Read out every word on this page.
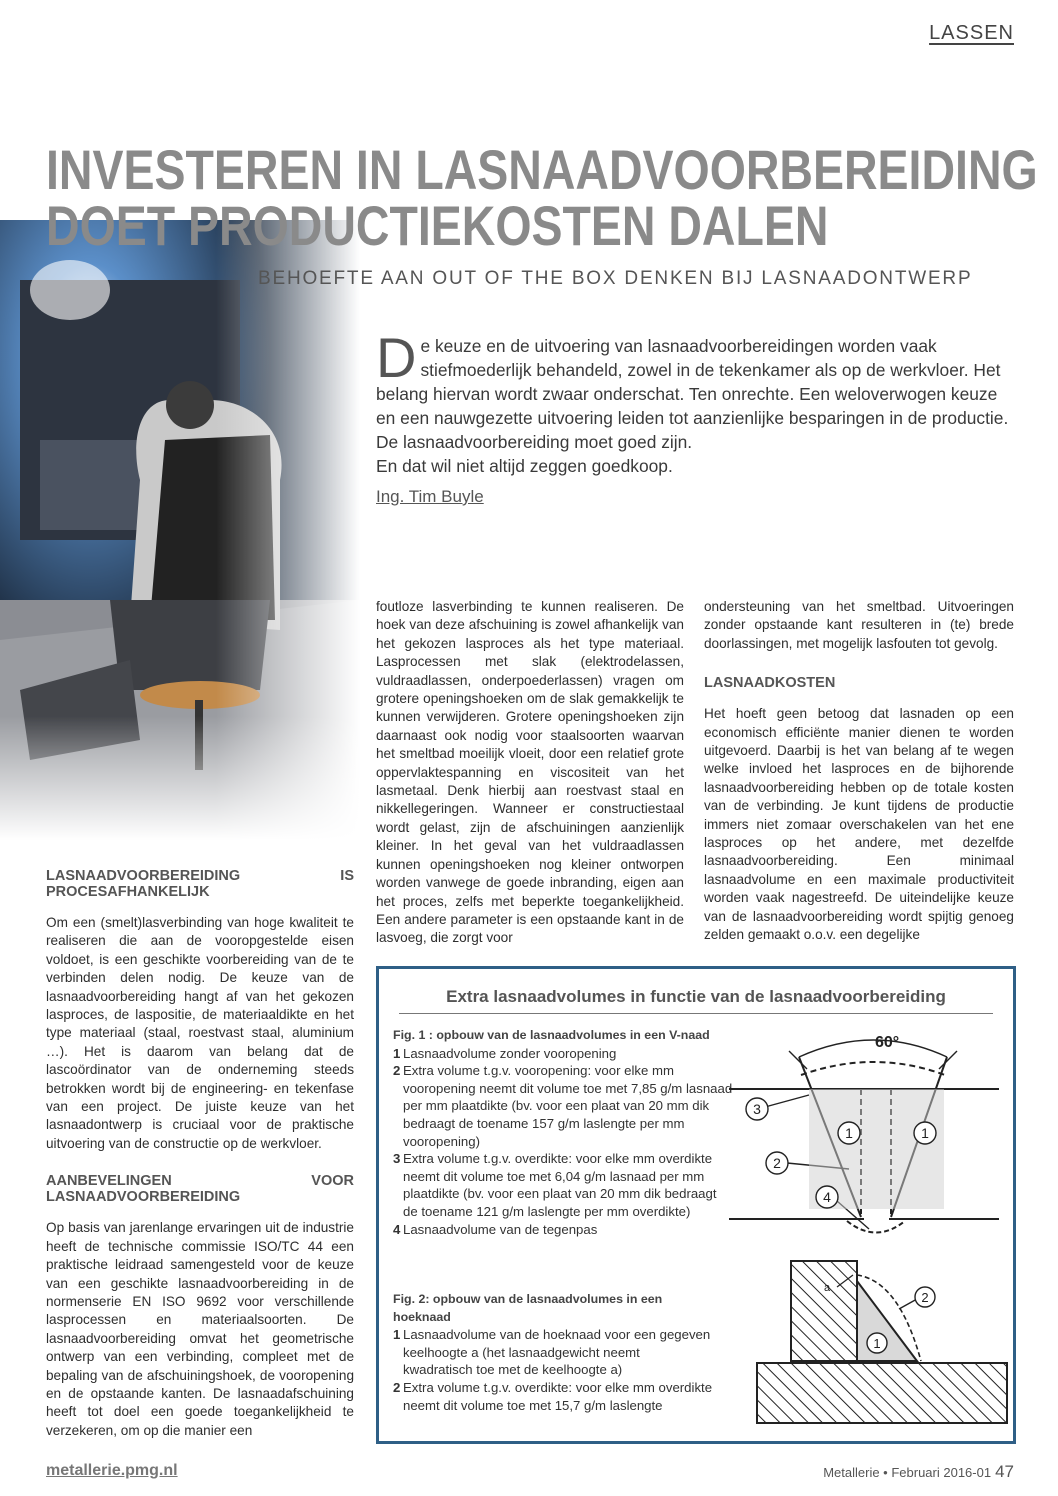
LASSEN
INVESTEREN IN LASNAADVOORBEREIDING
DOET PRODUCTIEKOSTEN DALEN
BEHOEFTE AAN OUT OF THE BOX DENKEN BIJ LASNAADONTWERP
De keuze en de uitvoering van lasnaadvoorbereidingen worden vaak stiefmoederlijk behandeld, zowel in de tekenkamer als op de werkvloer. Het belang hiervan wordt zwaar onderschat. Ten onrechte. Een weloverwogen keuze en een nauwgezette uitvoering leiden tot aanzienlijke besparingen in de productie. De lasnaadvoorbereiding moet goed zijn.
En dat wil niet altijd zeggen goedkoop.
Ing. Tim Buyle
LASNAADVOORBEREIDING IS PROCESAFHANKELIJK

Om een (smelt)lasverbinding van hoge kwaliteit te realiseren die aan de vooropgestelde eisen voldoet, is een geschikte voorbereiding van de te verbinden delen nodig. De keuze van de lasnaadvoorbereiding hangt af van het gekozen lasproces, de laspositie, de materiaaldikte en het type materiaal (staal, roestvast staal, aluminium …). Het is daarom van belang dat de lascoördinator van de onderneming steeds betrokken wordt bij de engineering- en tekenfase van een project. De juiste keuze van het lasnaadontwerp is cruciaal voor de praktische uitvoering van de constructie op de werkvloer.

AANBEVELINGEN VOOR LASNAADVOORBEREIDING

Op basis van jarenlange ervaringen uit de industrie heeft de technische commissie ISO/TC 44 een praktische leidraad samengesteld voor de keuze van een geschikte lasnaadvoorbereiding in de normenserie EN ISO 9692 voor verschillende lasprocessen en materiaalsoorten. De lasnaadvoorbereiding omvat het geometrische ontwerp van een verbinding, compleet met de bepaling van de afschuiningshoek, de vooropening en de opstaande kanten. De lasnaadafschuining heeft tot doel een goede toegankelijkheid te verzekeren, om op die manier een

foutloze lasverbinding te kunnen realiseren. De hoek van deze afschuining is zowel afhankelijk van het gekozen lasproces als het type materiaal. Lasprocessen met slak (elektrodelassen, vuldraadlassen, onderpoederlassen) vragen om grotere openingshoeken om de slak gemakkelijk te kunnen verwijderen. Grotere openingshoeken zijn daarnaast ook nodig voor staalsoorten waarvan het smeltbad moeilijk vloeit, door een relatief grote oppervlaktespanning en viscositeit van het lasmetaal. Denk hierbij aan roestvast staal en nikkellegeringen. Wanneer er constructiestaal wordt gelast, zijn de afschuiningen aanzienlijk kleiner. In het geval van het vuldraadlassen kunnen openingshoeken nog kleiner ontworpen worden vanwege de goede inbranding, eigen aan het proces, zelfs met beperkte toegankelijkheid. Een andere parameter is een opstaande kant in de lasvoeg, die zorgt voor

ondersteuning van het smeltbad. Uitvoeringen zonder opstaande kant resulteren in (te) brede doorlassingen, met mogelijk lasfouten tot gevolg.

LASNAADKOSTEN

Het hoeft geen betoog dat lasnaden op een economisch efficiënte manier dienen te worden uitgevoerd. Daarbij is het van belang af te wegen welke invloed het lasproces en de bijhorende lasnaadvoorbereiding hebben op de totale kosten van de verbinding. Je kunt tijdens de productie immers niet zomaar overschakelen van het ene lasproces op het andere, met dezelfde lasnaadvoorbereiding. Een minimaal lasnaadvolume en een maximale productiviteit worden vaak nagestreefd. De uiteindelijke keuze van de lasnaadvoorbereiding wordt spijtig genoeg zelden gemaakt o.o.v. een degelijke

Extra lasnaadvolumes in functie van de lasnaadvoorbereiding
Fig. 1 : opbouw van de lasnaadvolumes in een V-naad
1 Lasnaadvolume zonder vooropening
2 Extra volume t.g.v. vooropening: voor elke mm vooropening neemt dit volume toe met 7,85 g/m lasnaad per mm plaatdikte (bv. voor een plaat van 20 mm dik bedraagt de toename 157 g/m laslengte per mm vooropening)
3 Extra volume t.g.v. overdikte: voor elke mm overdikte neemt dit volume toe met 6,04 g/m lasnaad per mm plaatdikte (bv. voor een plaat van 20 mm dik bedraagt de toename 121 g/m laslengte per mm overdikte)
4 Lasnaadvolume van de tegenpas
60°
1	1
2
3
4
Fig. 2: opbouw van de lasnaadvolumes in een hoeknaad
1 Lasnaadvolume van de hoeknaad voor een gegeven keelhoogte a (het lasnaadgewicht neemt kwadratisch toe met de keelhoogte a)
2 Extra volume t.g.v. overdikte: voor elke mm overdikte neemt dit volume toe met 15,7 g/m laslengte
a
1
2
metallerie.pmg.nl	Metallerie • Februari 2016-01 47
